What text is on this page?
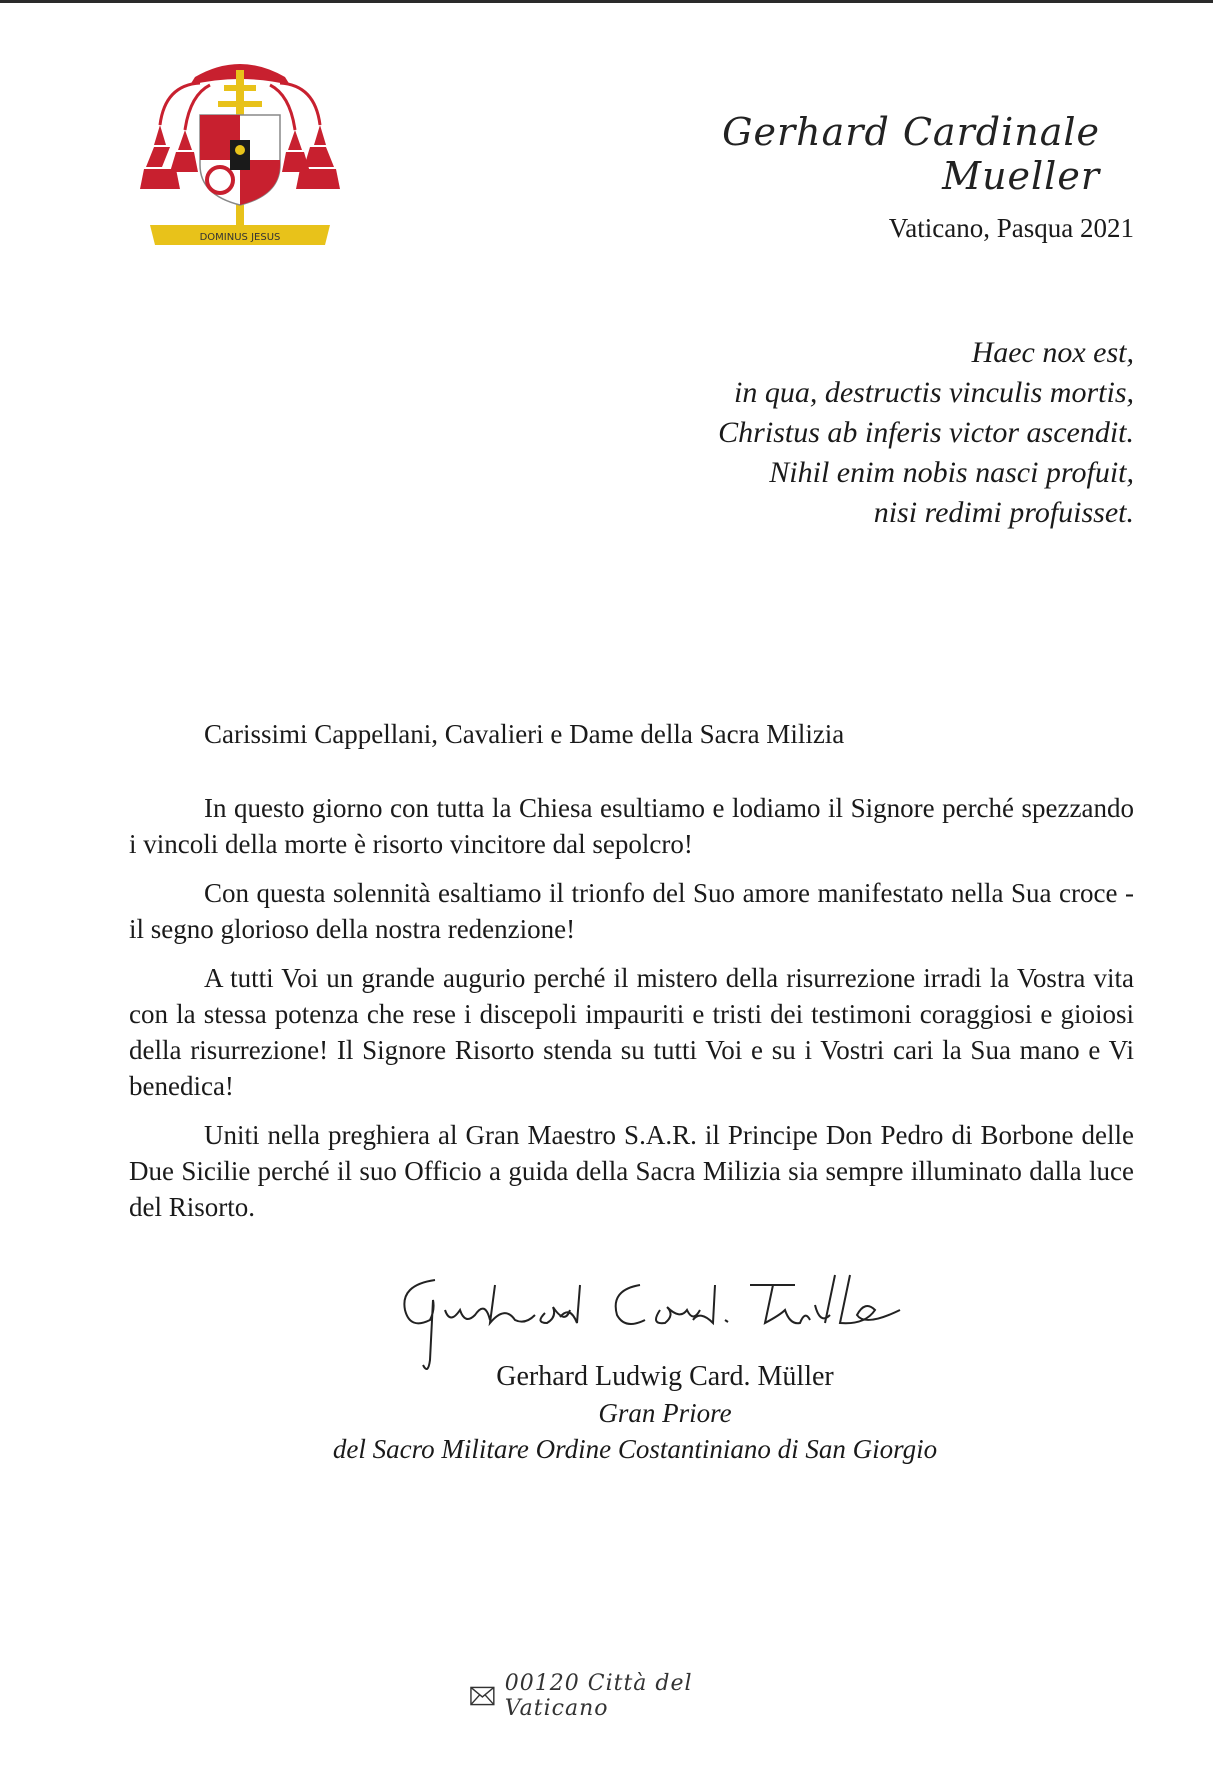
DOMINUS JESUS
Gerhard Cardinale Mueller
Vaticano, Pasqua 2021
Haec nox est,
in qua, destructis vinculis mortis,
Christus ab inferis victor ascendit.
Nihil enim nobis nasci profuit,
nisi redimi profuisset.
Carissimi Cappellani, Cavalieri e Dame della Sacra Milizia

In questo giorno con tutta la Chiesa esultiamo e lodiamo il Signore perché spezzando i vincoli della morte è risorto vincitore dal sepolcro!

Con questa solennità esaltiamo il trionfo del Suo amore manifestato nella Sua croce - il segno glorioso della nostra redenzione!

A tutti Voi un grande augurio perché il mistero della risurrezione irradi la Vostra vita con la stessa potenza che rese i discepoli impauriti e tristi dei testimoni coraggiosi e gioiosi della risurrezione! Il Signore Risorto stenda su tutti Voi e su i Vostri cari la Sua mano e Vi benedica!

Uniti nella preghiera al Gran Maestro S.A.R. il Principe Don Pedro di Borbone delle Due Sicilie perché il suo Officio a guida della Sacra Milizia sia sempre illuminato dalla luce del Risorto.

Gerhard Ludwig Card. Müller
Gran Priore
del Sacro Militare Ordine Costantiniano di San Giorgio
00120 Città del Vaticano
